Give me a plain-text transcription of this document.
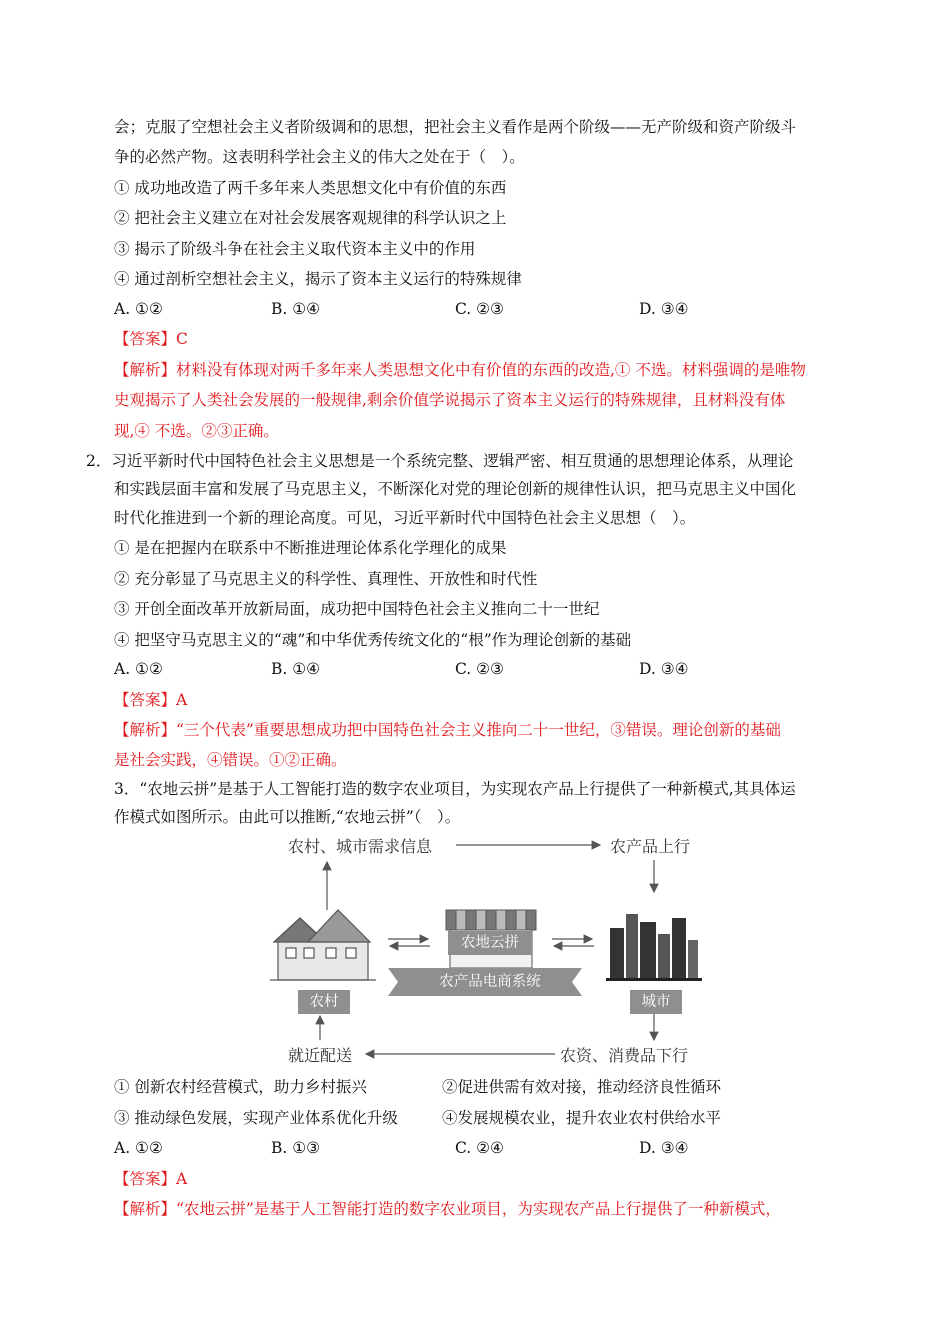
会；克服了空想社会主义者阶级调和的思想，把社会主义看作是两个阶级——无产阶级和资产阶级斗
争的必然产物。这表明科学社会主义的伟大之处在于（　）。
① 成功地改造了两千多年来人类思想文化中有价值的东西
② 把社会主义建立在对社会发展客观规律的科学认识之上
③ 揭示了阶级斗争在社会主义取代资本主义中的作用
④ 通过剖析空想社会主义，揭示了资本主义运行的特殊规律
A. ①②	B. ①④	C. ②③	D. ③④
【答案】C
【解析】材料没有体现对两千多年来人类思想文化中有价值的东西的改造,① 不选。材料强调的是唯物
史观揭示了人类社会发展的一般规律,剩余价值学说揭示了资本主义运行的特殊规律，且材料没有体
现,④ 不选。②③正确。
2．习近平新时代中国特色社会主义思想是一个系统完整、逻辑严密、相互贯通的思想理论体系，从理论
和实践层面丰富和发展了马克思主义，不断深化对党的理论创新的规律性认识，把马克思主义中国化
时代化推进到一个新的理论高度。可见，习近平新时代中国特色社会主义思想（　）。
① 是在把握内在联系中不断推进理论体系化学理化的成果
② 充分彰显了马克思主义的科学性、真理性、开放性和时代性
③ 开创全面改革开放新局面，成功把中国特色社会主义推向二十一世纪
④ 把坚守马克思主义的“魂”和中华优秀传统文化的“根”作为理论创新的基础
A. ①②	B. ①④	C. ②③	D. ③④
【答案】A
【解析】“三个代表”重要思想成功把中国特色社会主义推向二十一世纪，③错误。理论创新的基础
是社会实践，④错误。①②正确。
3．“农地云拼”是基于人工智能打造的数字农业项目，为实现农产品上行提供了一种新模式,其具体运
作模式如图所示。由此可以推断,“农地云拼”（　）。
农村、城市需求信息	农产品上行
农地云拼
农产品电商系统
农村	城市
就近配送	农资、消费品下行
① 创新农村经营模式，助力乡村振兴	②促进供需有效对接，推动经济良性循环
③ 推动绿色发展，实现产业体系优化升级	④发展规模农业，提升农业农村供给水平
A. ①②	B. ①③	C. ②④	D. ③④
【答案】A
【解析】“农地云拼”是基于人工智能打造的数字农业项目，为实现农产品上行提供了一种新模式，
